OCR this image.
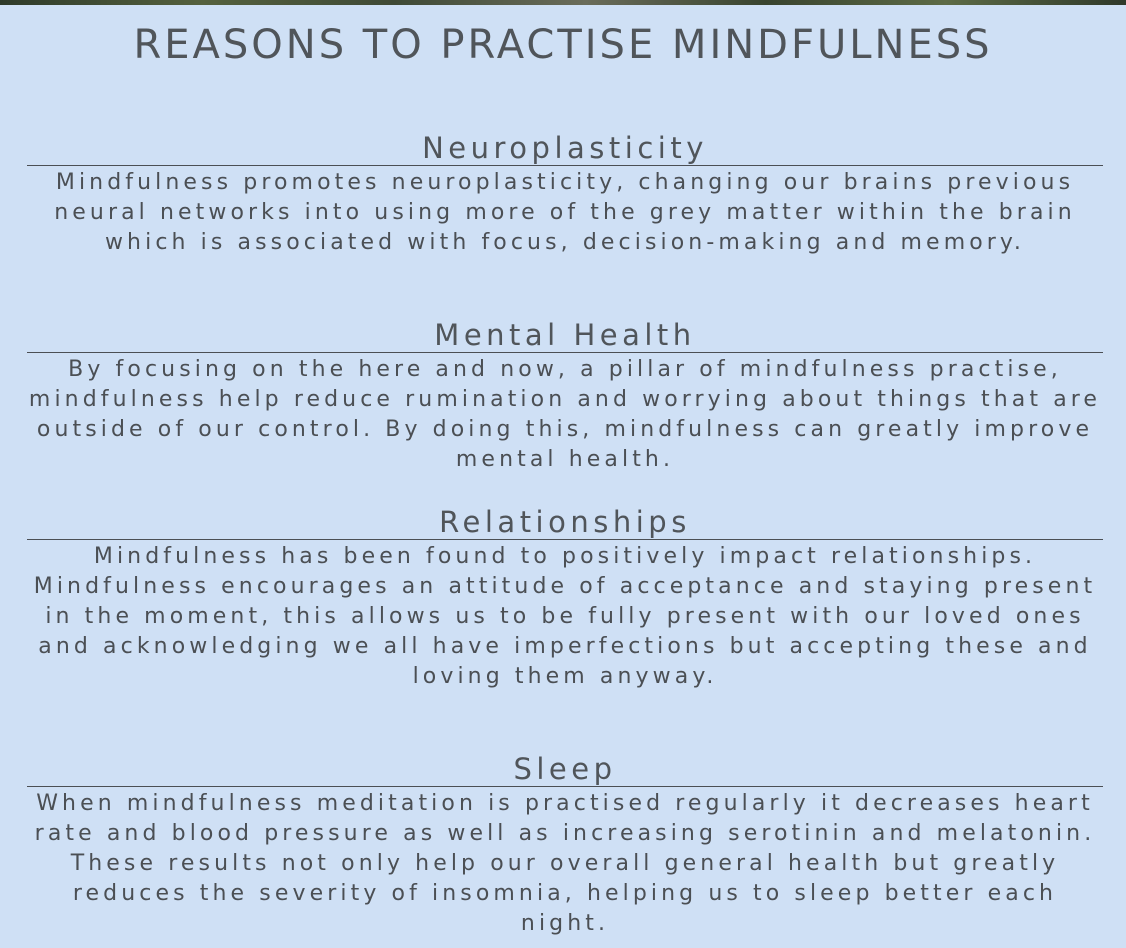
REASONS TO PRACTISE MINDFULNESS
Neuroplasticity

Mindfulness promotes neuroplasticity, changing our brains previous neural networks into using more of the grey matter within the brain which is associated with focus, decision-making and memory.

Mental Health

By focusing on the here and now, a pillar of mindfulness practise, mindfulness help reduce rumination and worrying about things that are outside of our control. By doing this, mindfulness can greatly improve mental health.

Relationships

Mindfulness has been found to positively impact relationships. Mindfulness encourages an attitude of acceptance and staying present in the moment, this allows us to be fully present with our loved ones and acknowledging we all have imperfections but accepting these and loving them anyway.

Sleep

When mindfulness meditation is practised regularly it decreases heart rate and blood pressure as well as increasing serotinin and melatonin. These results not only help our overall general health but greatly reduces the severity of insomnia, helping us to sleep better each night.
